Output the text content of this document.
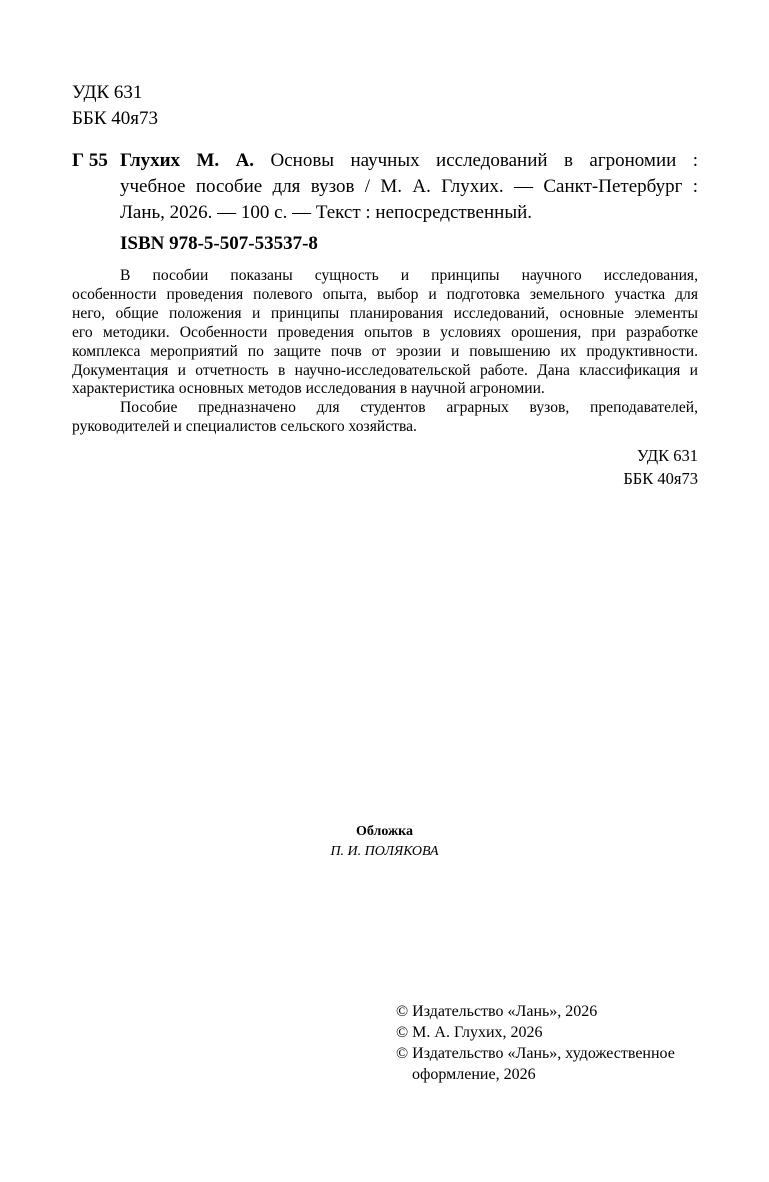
УДК 631
ББК 40я73
Г 55 Глухих М. А. Основы научных исследований в агрономии :
учебное пособие для вузов / М. А. Глухих. — Санкт-Петербург :
Лань, 2026. — 100 с. — Текст : непосредственный.
ISBN 978-5-507-53537-8
В пособии показаны сущность и принципы научного исследования,
особенности проведения полевого опыта, выбор и подготовка земельного участка для
него, общие положения и принципы планирования исследований, основные элементы
его методики. Особенности проведения опытов в условиях орошения, при разработке
комплекса мероприятий по защите почв от эрозии и повышению их продуктивности.
Документация и отчетность в научно-исследовательской работе. Дана классификация и
характеристика основных методов исследования в научной агрономии.
Пособие предназначено для студентов аграрных вузов, преподавателей,
руководителей и специалистов сельского хозяйства.
УДК 631
ББК 40я73
Обложка
П. И. ПОЛЯКОВА
© Издательство «Лань», 2026
© М. А. Глухих, 2026
© Издательство «Лань», художественное
оформление, 2026
